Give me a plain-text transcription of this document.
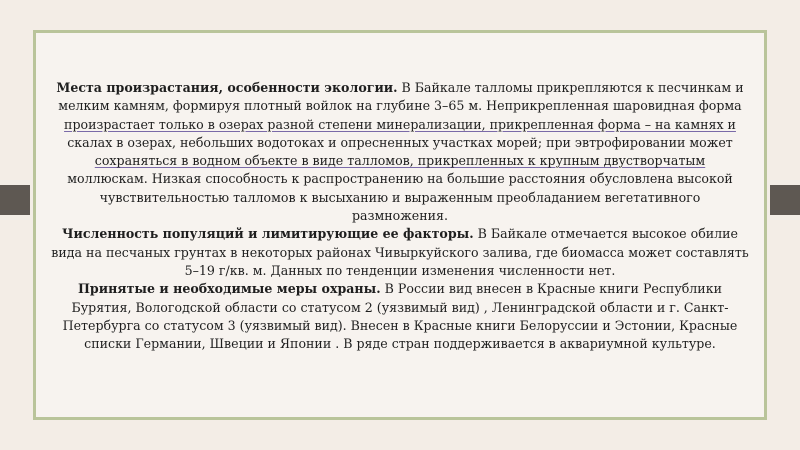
Места произрастания, особенности экологии. В Байкале талломы прикрепляются к песчинкам и
мелким камням, формируя плотный войлок на глубине 3–65 м. Неприкрепленная шаровидная форма
произрастает только в озерах разной степени минерализации, прикрепленная форма – на камнях и
скалах в озерах, небольших водотоках и опресненных участках морей; при эвтрофировании может
сохраняться в водном объекте в виде талломов, прикрепленных к крупным двустворчатым
моллюскам. Низкая способность к распространению на большие расстояния обусловлена высокой
чувствительностью талломов к высыханию и выраженным преобладанием вегетативного
размножения.
Численность популяций и лимитирующие ее факторы. В Байкале отмечается высокое обилие
вида на песчаных грунтах в некоторых районах Чивыркуйского залива, где биомасса может составлять
5–19 г/кв. м. Данных по тенденции изменения численности нет.
Принятые и необходимые меры охраны. В России вид внесен в Красные книги Республики
Бурятия, Вологодской области со статусом 2 (уязвимый вид) , Ленинградской области и г. Санкт-
Петербурга со статусом 3 (уязвимый вид). Внесен в Красные книги Белоруссии и Эстонии, Красные
списки Германии, Швеции и Японии . В ряде стран поддерживается в аквариумной культуре.
